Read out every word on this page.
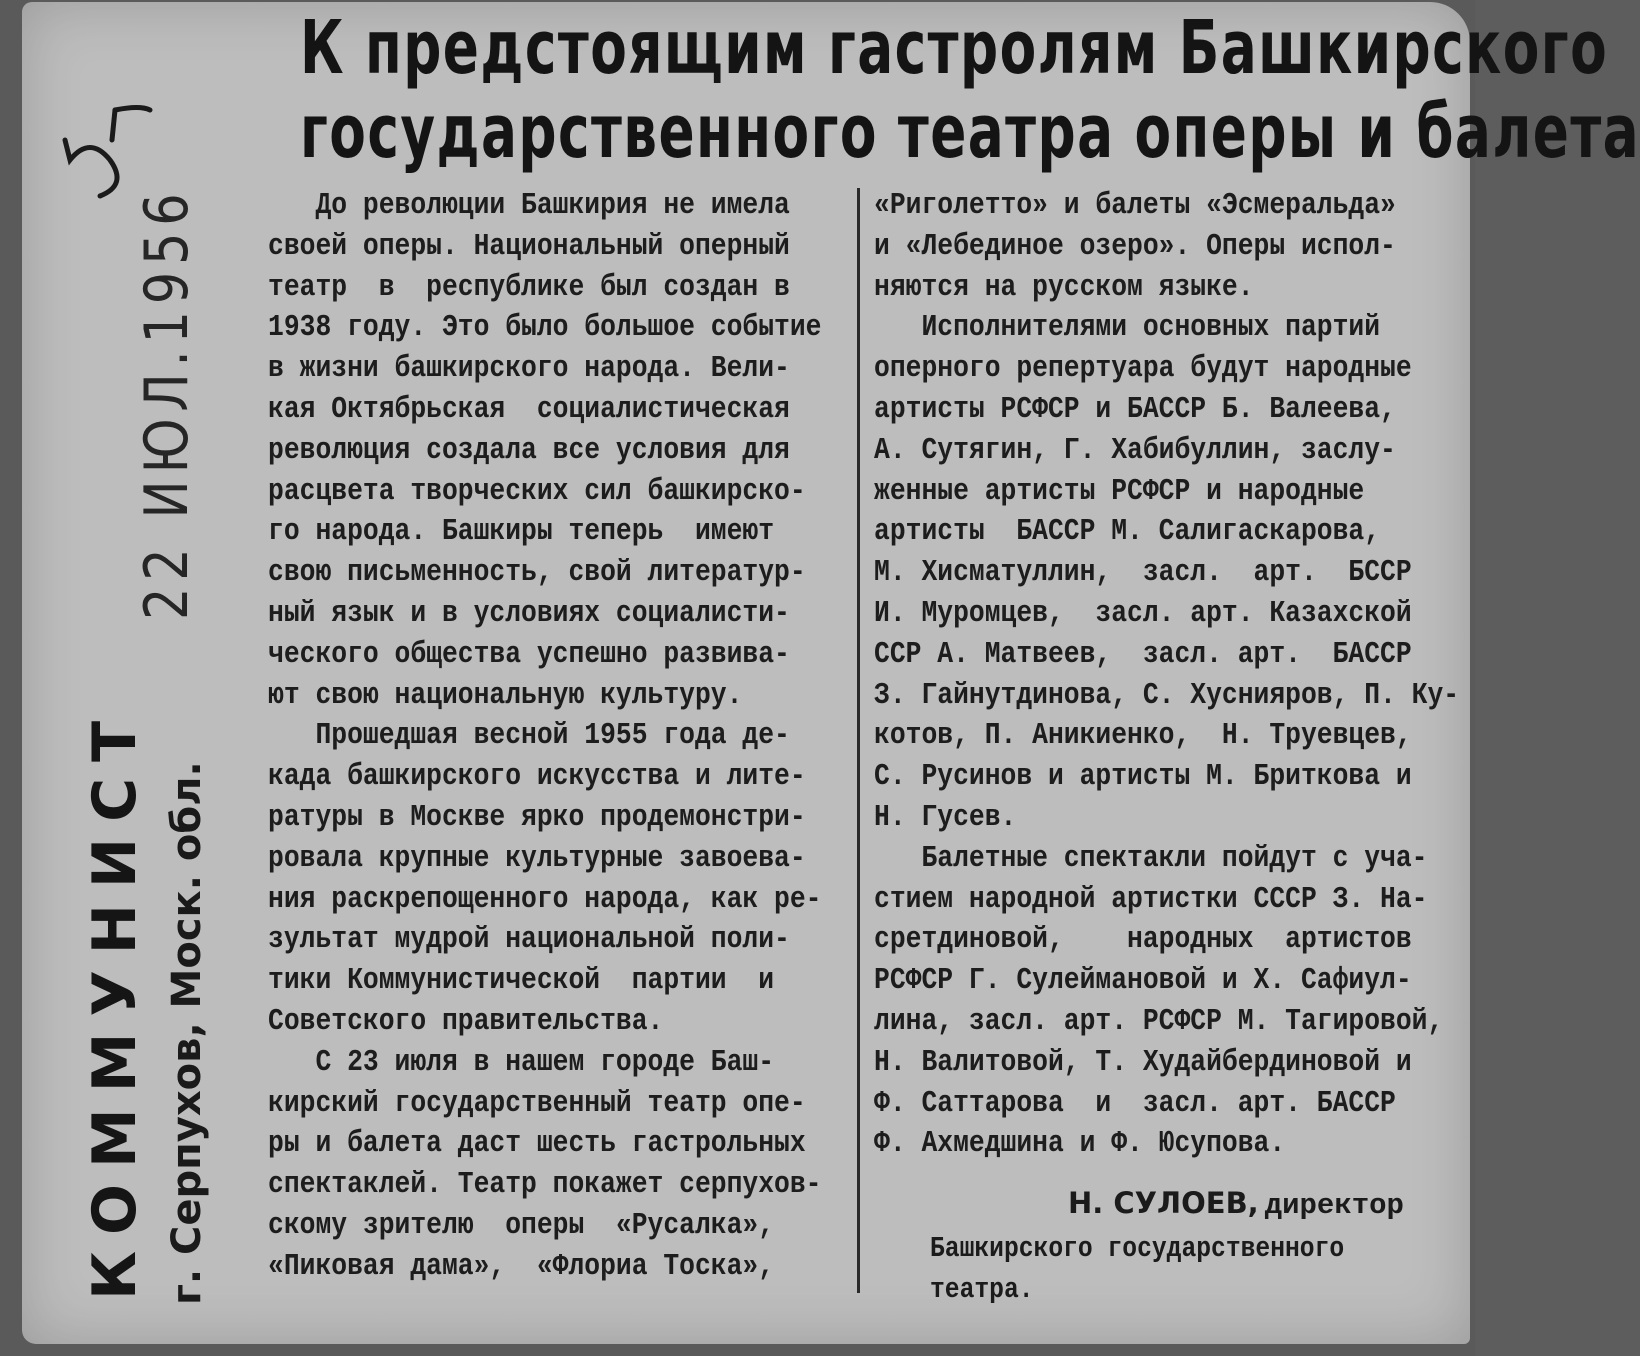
22 ИЮЛ.1956
КОММУНИСТ г. Серпухов, Моск. обл.
К предстоящим гастролям Башкирского
государственного театра оперы и балета
До революции Башкирия не имела
своей оперы. Национальный оперный
театр  в  республике был создан в
1938 году. Это было большое событие
в жизни башкирского народа. Вели-
кая Октябрьская  социалистическая
революция создала все условия для
расцвета творческих сил башкирско-
го народа. Башкиры теперь  имеют
свою письменность, свой литератур-
ный язык и в условиях социалисти-
ческого общества успешно развива-
ют свою национальную культуру.
Прошедшая весной 1955 года де-
када башкирского искусства и лите-
ратуры в Москве ярко продемонстри-
ровала крупные культурные завоева-
ния раскрепощенного народа, как ре-
зультат мудрой национальной поли-
тики Коммунистической  партии  и
Советского правительства.
С 23 июля в нашем городе Баш-
кирский государственный театр опе-
ры и балета даст шесть гастрольных
спектаклей. Театр покажет серпухов-
скому зрителю  оперы  «Русалка»,
«Пиковая дама»,  «Флориа Тоска»,
«Риголетто» и балеты «Эсмеральда»
и «Лебединое озеро». Оперы испол-
няются на русском языке.
Исполнителями основных партий
оперного репертуара будут народные
артисты РСФСР и БАССР Б. Валеева,
А. Сутягин, Г. Хабибуллин, заслу-
женные артисты РСФСР и народные
артисты  БАССР М. Салигаскарова,
М. Хисматуллин,  засл.  арт.  БССР
И. Муромцев,  засл. арт. Казахской
ССР А. Матвеев,  засл. арт.  БАССР
З. Гайнутдинова, С. Хуснияров, П. Ку-
котов, П. Аникиенко,  Н. Труевцев,
С. Русинов и артисты М. Бриткова и
Н. Гусев.
Балетные спектакли пойдут с уча-
стием народной артистки СССР З. На-
сретдиновой,    народных  артистов
РСФСР Г. Сулеймановой и Х. Сафиул-
лина, засл. арт. РСФСР М. Тагировой,
Н. Валитовой, Т. Худайбердиновой и
Ф. Саттарова  и  засл. арт. БАССР
Ф. Ахмедшина и Ф. Юсупова.
Н. СУЛОЕВ, директор
Башкирского государственного
театра.
